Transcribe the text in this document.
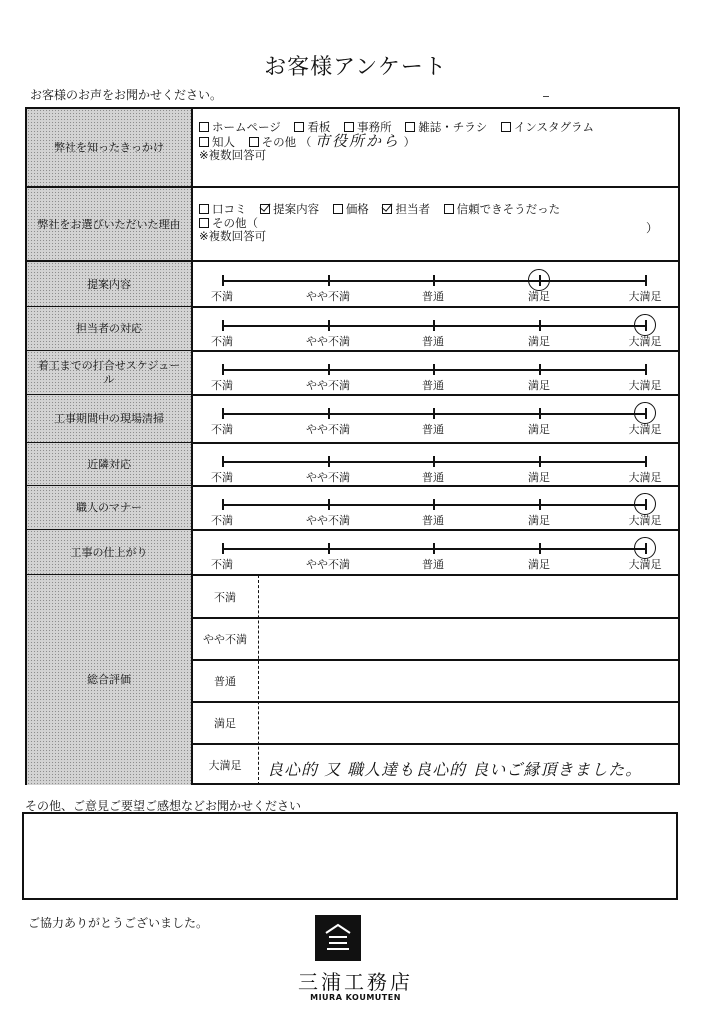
お客様アンケート
お客様のお声をお聞かせください。
弊社を知ったきっかけ
ホームページ 看板 事務所 雑誌・チラシ インスタグラム
知人 その他 （ 市役所から ）
※複数回答可
弊社をお選びいただいた理由
口コミ 提案内容 価格 担当者 信頼できそうだった
その他（
※複数回答可
）
提案内容
不満	やや不満	普通	満足	大満足
担当者の対応
不満	やや不満	普通	満足	大満足
着工までの打合せスケジュール	不満	やや不満	普通	満足	大満足
工事期間中の現場清掃
不満	やや不満	普通	満足	大満足
近隣対応
不満	やや不満	普通	満足	大満足
職人のマナー
不満	やや不満	普通	満足	大満足
工事の仕上がり
不満	やや不満	普通	満足	大満足
総合評価
不満
やや不満
普通
満足
大満足	良心的 又 職人達も良心的 良いご縁頂きました。
その他、ご意見ご要望ご感想などお聞かせください
ご協力ありがとうございました。
三浦工務店
MIURA KOUMUTEN
